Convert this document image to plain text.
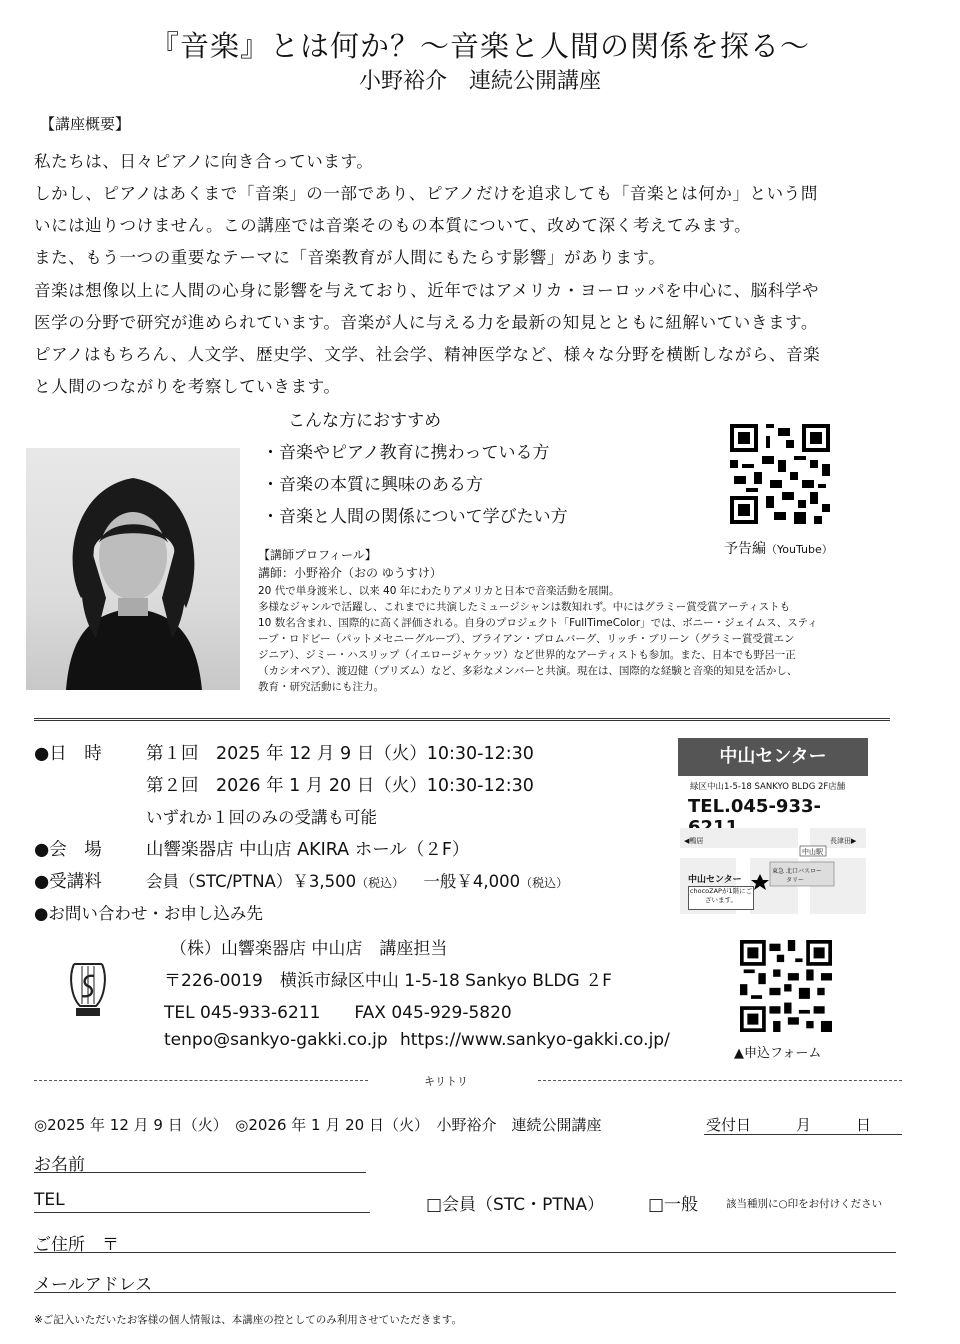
『音楽』とは何か？～音楽と人間の関係を探る～
小野裕介　連続公開講座
【講座概要】

私たちは、日々ピアノに向き合っています。

しかし、ピアノはあくまで「音楽」の一部であり、ピアノだけを追求しても「音楽とは何か」という問

いには辿りつけません。この講座では音楽そのもの本質について、改めて深く考えてみます。

また、もう一つの重要なテーマに「音楽教育が人間にもたらす影響」があります。

音楽は想像以上に人間の心身に影響を与えており、近年ではアメリカ・ヨーロッパを中心に、脳科学や

医学の分野で研究が進められています。音楽が人に与える力を最新の知見とともに紐解いていきます。

ピアノはもちろん、人文学、歴史学、文学、社会学、精神医学など、様々な分野を横断しながら、音楽

と人間のつながりを考察していきます。

こんな方におすすめ
・音楽やピアノ教育に携わっている方
・音楽の本質に興味のある方
・音楽と人間の関係について学びたい方
予告編（YouTube）
【講師プロフィール】
講師：小野裕介（おの ゆうすけ）
20 代で単身渡米し、以来 40 年にわたりアメリカと日本で音楽活動を展開。
多様なジャンルで活躍し、これまでに共演したミュージシャンは数知れず。中にはグラミー賞受賞アーティストも
10 数名含まれ、国際的に高く評価される。自身のプロジェクト「FullTimeColor」では、ボニー・ジェイムス、スティ
ーブ・ロドビー（パットメセニーグループ）、ブライアン・ブロムバーグ、リッチ・ブリーン（グラミー賞受賞エン
ジニア）、ジミー・ハスリップ（イエロージャケッツ）など世界的なアーティストも参加。また、日本でも野呂一正
（カシオペア）、渡辺健（プリズム）など、多彩なメンバーと共演。現在は、国際的な経験と音楽的知見を活かし、
教育・研究活動にも注力。
●日　時	第１回　2025 年 12 月 9 日（火）10:30-12:30
第２回　2026 年 1 月 20 日（火）10:30-12:30
いずれか１回のみの受講も可能
●会　場	山響楽器店 中山店 AKIRA ホール（２F）
●受講料	会員（STC/PTNA）￥3,500（税込） 一般￥4,000（税込）
●お問い合わせ・お申し込み先
中山センター
緑区中山1-5-18 SANKYO BLDG 2F店舗
TEL.045-933-
◀鴨居	長津田▶
中山駅
北口バスロータリー
東急
中山センター
chocoZAPが1階にございます。
（株）山響楽器店 中山店　講座担当
〒226-0019　横浜市緑区中山 1-5-18 Sankyo BLDG ２F
TEL 045-933-6211　　FAX 045-929-5820
tenpo@sankyo-gakki.co.jp https://www.sankyo-gakki.co.jp/
▲申込フォーム
キリトリ
◎2025 年 12 月 9 日（火）　◎2026 年 1 月 20 日（火）　小野裕介　連続公開講座	受付日　　　月　　　日
お名前
TEL	□会員（STC・PTNA）	□一般	該当種別に○印をお付けください
ご住所　〒
メールアドレス
※ご記入いただいたお客様の個人情報は、本講座の控としてのみ利用させていただきます。
